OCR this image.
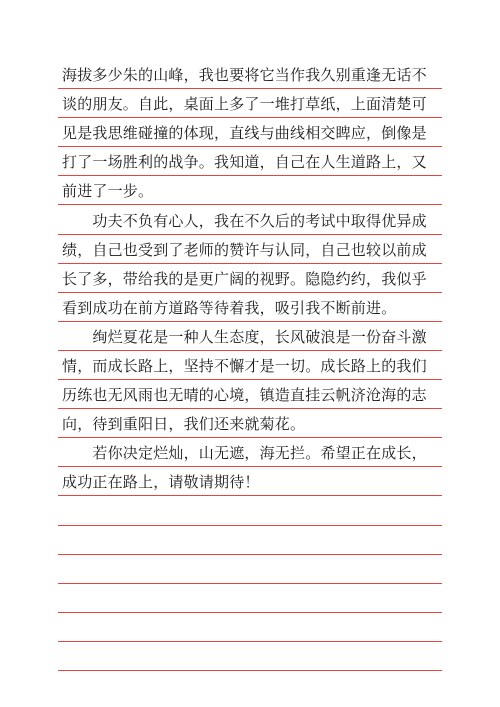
海拔多少朱的山峰，我也要将它当作我久别重逢无话不
谈的朋友。自此，桌面上多了一堆打草纸，上面清楚可
见是我思维碰撞的体现，直线与曲线相交睥应，倒像是
打了一场胜利的战争。我知道，自己在人生道路上，又
前进了一步。
　　功夫不负有心人，我在不久后的考试中取得优异成
绩，自己也受到了老师的赞许与认同，自己也较以前成
长了多，带给我的是更广阔的视野。隐隐约约，我似乎
看到成功在前方道路等待着我，吸引我不断前进。
　　绚烂夏花是一种人生态度，长风破浪是一份奋斗激
情，而成长路上，坚持不懈才是一切。成长路上的我们
历练也无风雨也无晴的心境，镇造直挂云帆济沧海的志
向，待到重阳日，我们还来就菊花。
　　若你决定烂灿，山无遮，海无拦。希望正在成长，
成功正在路上，请敬请期待！
